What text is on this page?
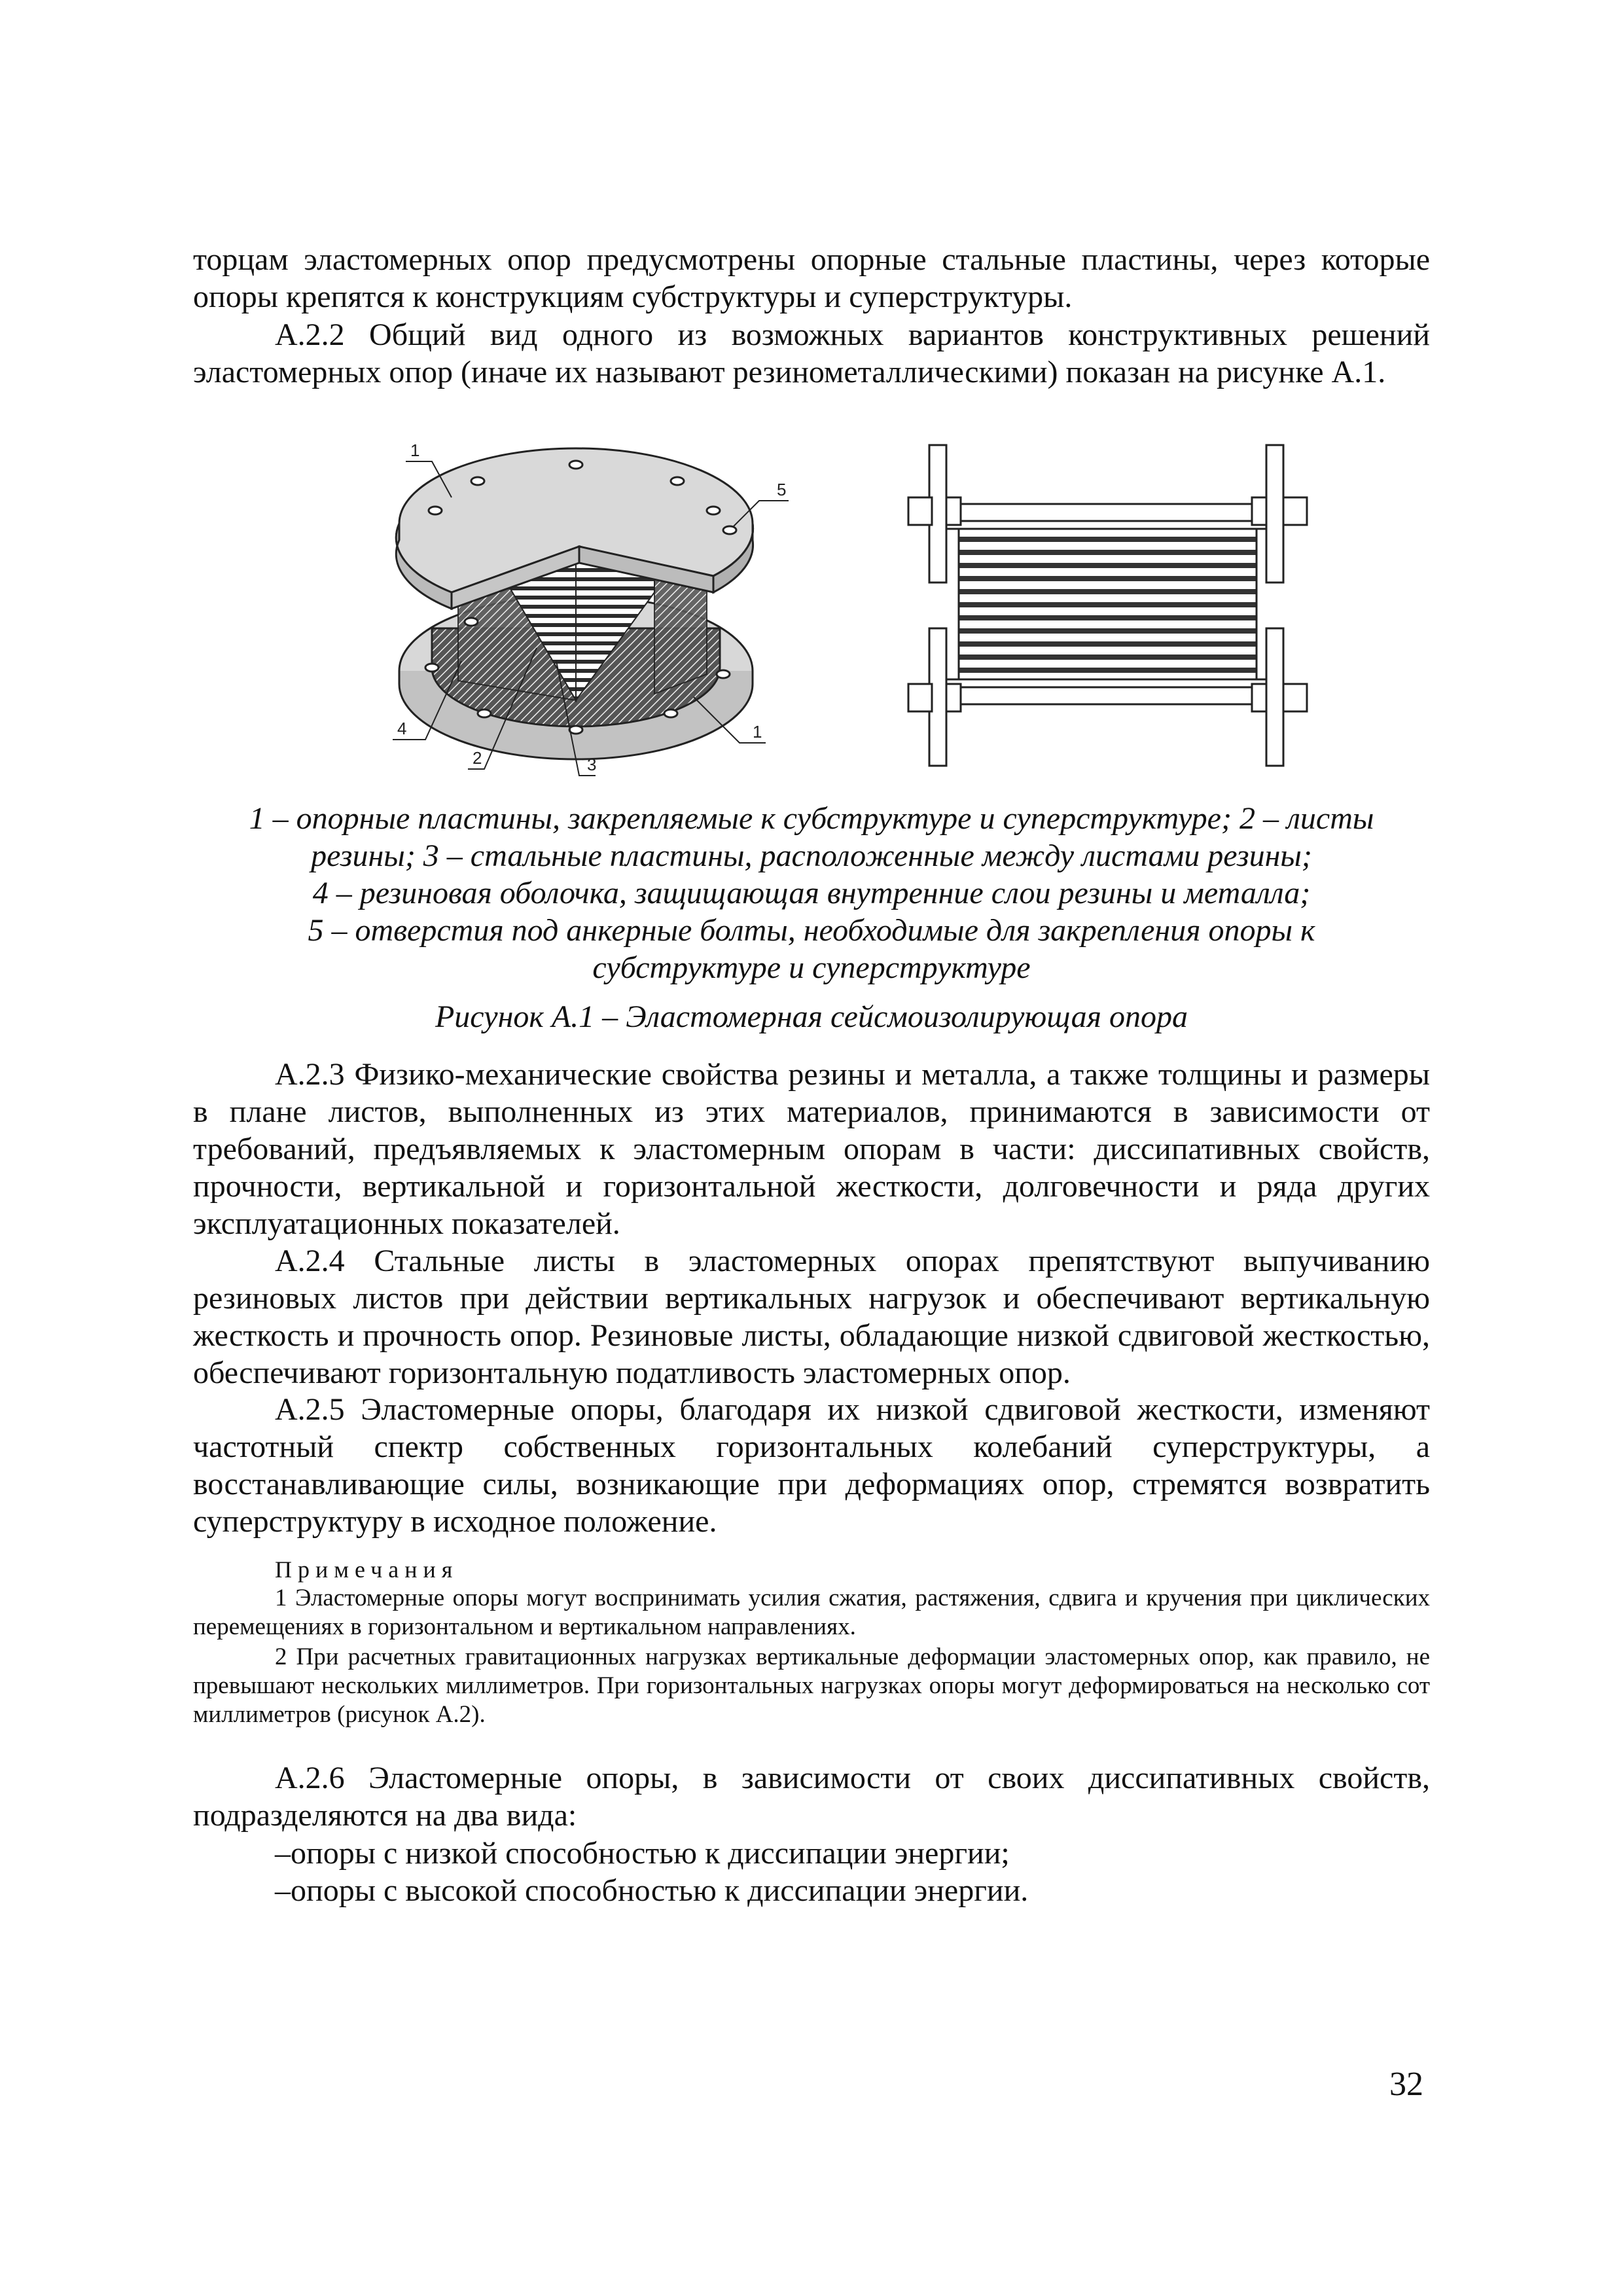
торцам эластомерных опор предусмотрены опорные стальные пластины, через которые опоры крепятся к конструкциям субструктуры и суперструктуры.

А.2.2 Общий вид одного из возможных вариантов конструктивных решений эластомерных опор (иначе их называют резинометаллическими) показан на рисунке А.1.

1
5
4	1
2	3
1 – опорные пластины, закрепляемые к субструктуре и суперструктуре; 2 – листы
резины; 3 – стальные пластины, расположенные между листами резины;
4 – резиновая оболочка, защищающая внутренние слои резины и металла;
5 – отверстия под анкерные болты, необходимые для закрепления опоры к
субструктуре и суперструктуре
Рисунок А.1 – Эластомерная сейсмоизолирующая опора

А.2.3 Физико-механические свойства резины и металла, а также толщины и размеры в плане листов, выполненных из этих материалов, принимаются в зависимости от требований, предъявляемых к эластомерным опорам в части: диссипативных свойств, прочности, вертикальной и горизонтальной жесткости, долговечности и ряда других эксплуатационных показателей.

А.2.4 Стальные листы в эластомерных опорах препятствуют выпучиванию резиновых листов при действии вертикальных нагрузок и обеспечивают вертикальную жесткость и прочность опор. Резиновые листы, обладающие низкой сдвиговой жесткостью, обеспечивают горизонтальную податливость эластомерных опор.

А.2.5 Эластомерные опоры, благодаря их низкой сдвиговой жесткости, изменяют частотный спектр собственных горизонтальных колебаний суперструктуры, а восстанавливающие силы, возникающие при деформациях опор, стремятся возвратить суперструктуру в исходное положение.

Примечания

1 Эластомерные опоры могут воспринимать усилия сжатия, растяжения, сдвига и кручения при циклических перемещениях в горизонтальном и вертикальном направлениях.

2 При расчетных гравитационных нагрузках вертикальные деформации эластомерных опор, как правило, не превышают нескольких миллиметров. При горизонтальных нагрузках опоры могут деформироваться на несколько сот миллиметров (рисунок А.2).

А.2.6 Эластомерные опоры, в зависимости от своих диссипативных свойств, подразделяются на два вида:

–опоры с низкой способностью к диссипации энергии;
–опоры с высокой способностью к диссипации энергии.
32
